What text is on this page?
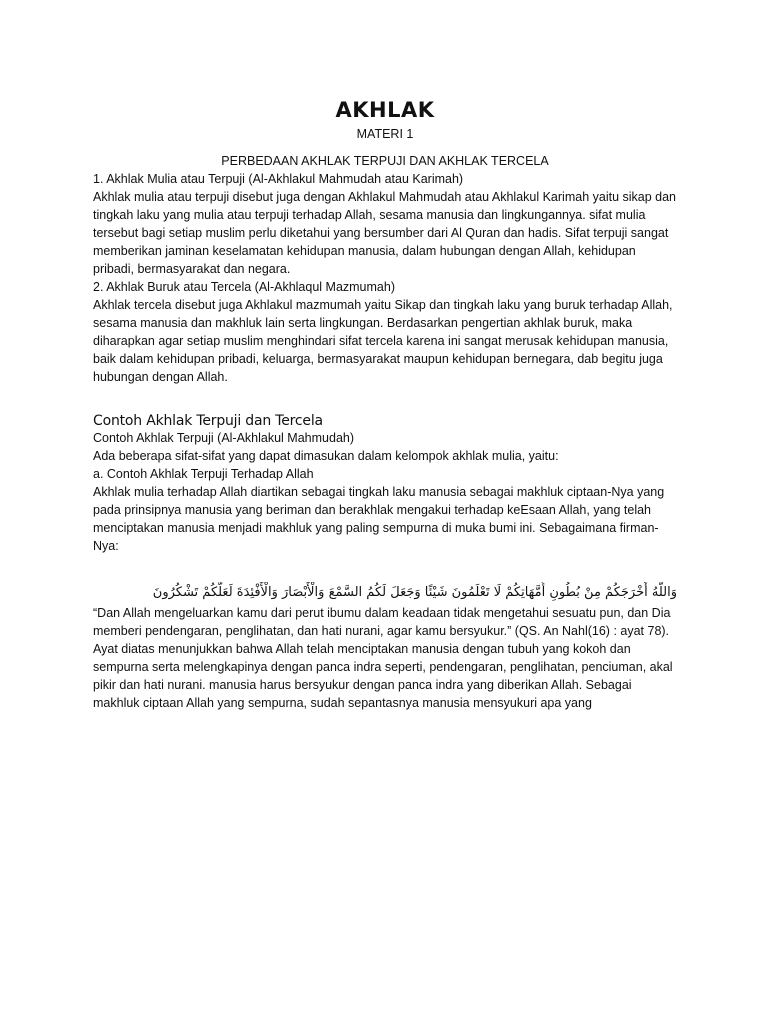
AKHLAK

MATERI 1

PERBEDAAN AKHLAK TERPUJI DAN AKHLAK TERCELA

1. Akhlak Mulia atau Terpuji (Al-Akhlakul Mahmudah atau Karimah)

Akhlak mulia atau terpuji disebut juga dengan Akhlakul Mahmudah atau Akhlakul Karimah yaitu sikap dan tingkah laku yang mulia atau terpuji terhadap Allah, sesama manusia dan lingkungannya. sifat mulia tersebut bagi setiap muslim perlu diketahui yang bersumber dari Al Quran dan hadis. Sifat terpuji sangat memberikan jaminan keselamatan kehidupan manusia, dalam hubungan dengan Allah, kehidupan pribadi, bermasyarakat dan negara.

2. Akhlak Buruk atau Tercela (Al-Akhlaqul Mazmumah)

Akhlak tercela disebut juga Akhlakul mazmumah yaitu Sikap dan tingkah laku yang buruk terhadap Allah, sesama manusia dan makhluk lain serta lingkungan. Berdasarkan pengertian akhlak buruk, maka diharapkan agar setiap muslim menghindari sifat tercela karena ini sangat merusak kehidupan manusia, baik dalam kehidupan pribadi, keluarga, bermasyarakat maupun kehidupan bernegara, dab begitu juga hubungan dengan Allah.

Contoh Akhlak Terpuji dan Tercela

Contoh Akhlak Terpuji (Al-Akhlakul Mahmudah)

Ada beberapa sifat-sifat yang dapat dimasukan dalam kelompok akhlak mulia, yaitu:

a. Contoh Akhlak Terpuji Terhadap Allah

Akhlak mulia terhadap Allah diartikan sebagai tingkah laku manusia sebagai makhluk ciptaan-Nya yang pada prinsipnya manusia yang beriman dan berakhlak mengakui terhadap keEsaan Allah, yang telah menciptakan manusia menjadi makhluk yang paling sempurna di muka bumi ini. Sebagaimana firman-Nya:

وَاللَّهُ أَخْرَجَكُمْ مِنْ بُطُونِ أُمَّهَاتِكُمْ لَا تَعْلَمُونَ شَيْئًا وَجَعَلَ لَكُمُ السَّمْعَ وَالْأَبْصَارَ وَالْأَفْئِدَةَ لَعَلَّكُمْ تَشْكُرُونَ

“Dan Allah mengeluarkan kamu dari perut ibumu dalam keadaan tidak mengetahui sesuatu pun, dan Dia memberi pendengaran, penglihatan, dan hati nurani, agar kamu bersyukur.” (QS. An Nahl(16) : ayat 78).

Ayat diatas menunjukkan bahwa Allah telah menciptakan manusia dengan tubuh yang kokoh dan sempurna serta melengkapinya dengan panca indra seperti, pendengaran, penglihatan, penciuman, akal pikir dan hati nurani. manusia harus bersyukur dengan panca indra yang diberikan Allah. Sebagai makhluk ciptaan Allah yang sempurna, sudah sepantasnya manusia mensyukuri apa yang
